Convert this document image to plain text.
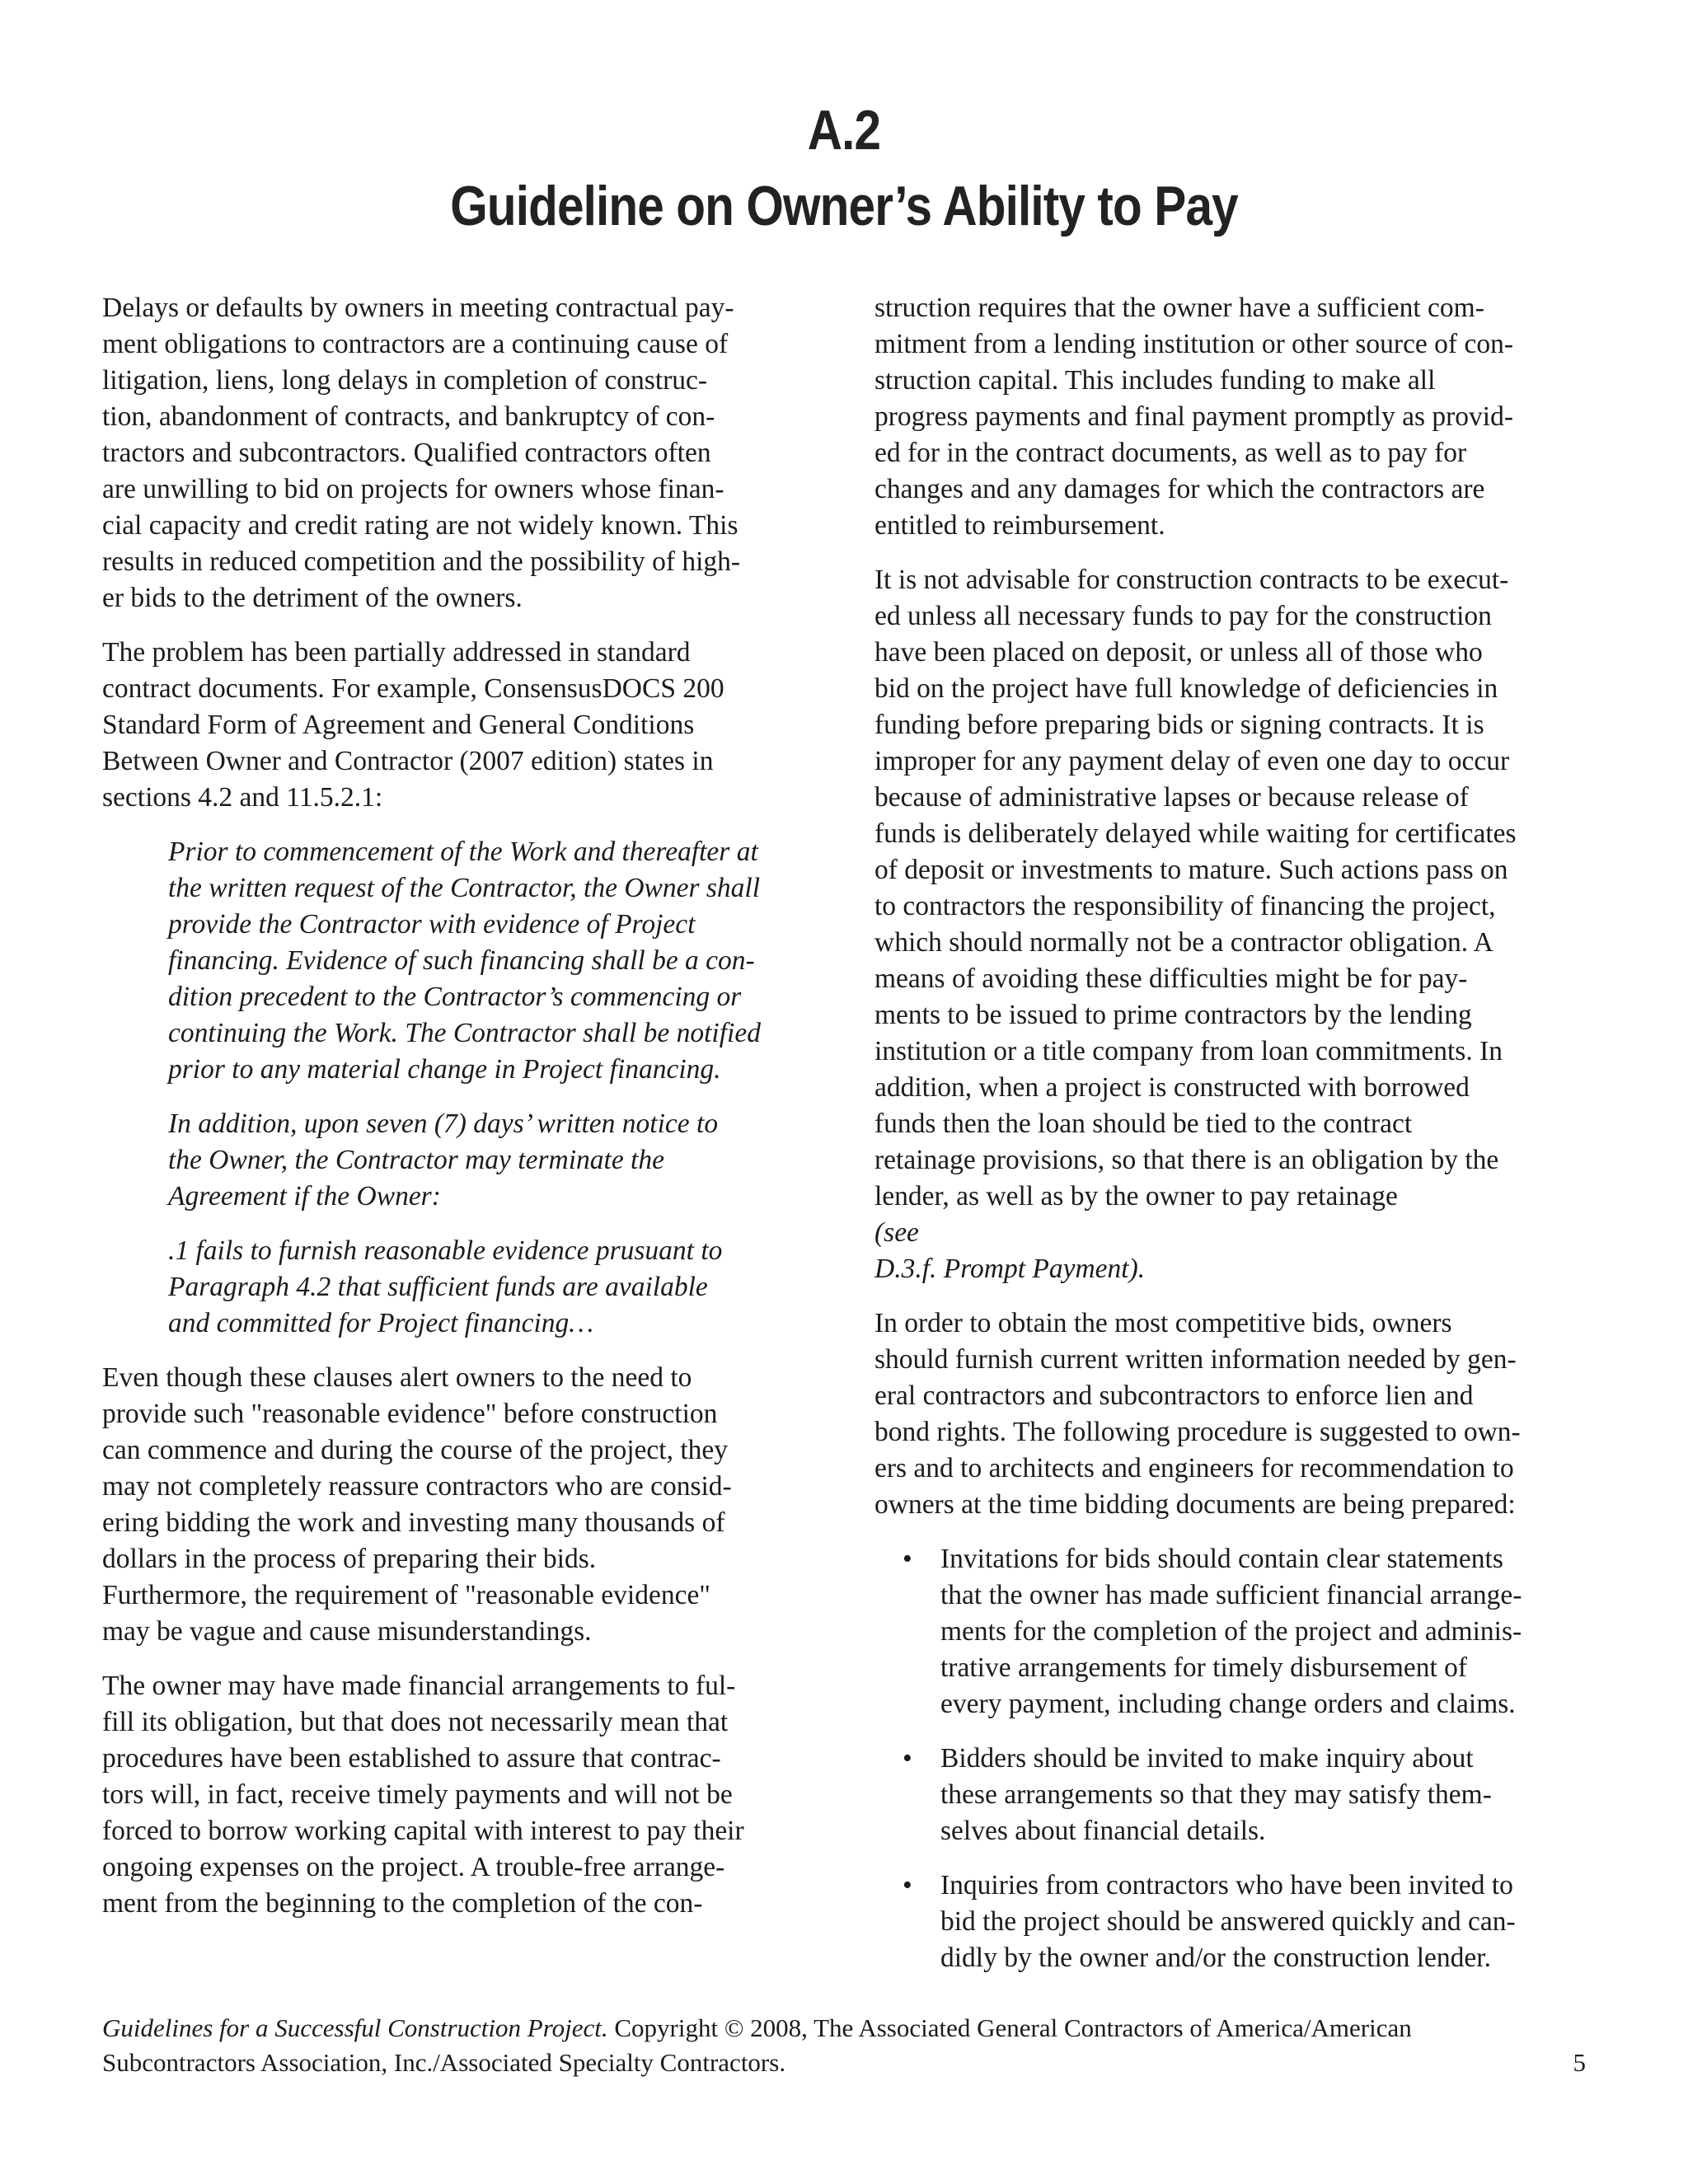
A.2
Guideline on Owner’s Ability to Pay
Delays or defaults by owners in meeting contractual pay-
ment obligations to contractors are a continuing cause of
litigation, liens, long delays in completion of construc-
tion, abandonment of contracts, and bankruptcy of con-
tractors and subcontractors. Qualified contractors often
are unwilling to bid on projects for owners whose finan-
cial capacity and credit rating are not widely known. This
results in reduced competition and the possibility of high-
er bids to the detriment of the owners.
The problem has been partially addressed in standard
contract documents. For example, ConsensusDOCS 200
Standard Form of Agreement and General Conditions
Between Owner and Contractor (2007 edition) states in
sections 4.2 and 11.5.2.1:
Prior to commencement of the Work and thereafter at
the written request of the Contractor, the Owner shall
provide the Contractor with evidence of Project
financing. Evidence of such financing shall be a con-
dition precedent to the Contractor’s commencing or
continuing the Work. The Contractor shall be notified
prior to any material change in Project financing.
In addition, upon seven (7) days’ written notice to
the Owner, the Contractor may terminate the
Agreement if the Owner:
.1 fails to furnish reasonable evidence prusuant to
Paragraph 4.2 that sufficient funds are available
and committed for Project financing…
Even though these clauses alert owners to the need to
provide such "reasonable evidence" before construction
can commence and during the course of the project, they
may not completely reassure contractors who are consid-
ering bidding the work and investing many thousands of
dollars in the process of preparing their bids.
Furthermore, the requirement of "reasonable evidence"
may be vague and cause misunderstandings.
The owner may have made financial arrangements to ful-
fill its obligation, but that does not necessarily mean that
procedures have been established to assure that contrac-
tors will, in fact, receive timely payments and will not be
forced to borrow working capital with interest to pay their
ongoing expenses on the project. A trouble-free arrange-
ment from the beginning to the completion of the con-
struction requires that the owner have a sufficient com-
mitment from a lending institution or other source of con-
struction capital. This includes funding to make all
progress payments and final payment promptly as provid-
ed for in the contract documents, as well as to pay for
changes and any damages for which the contractors are
entitled to reimbursement.
It is not advisable for construction contracts to be execut-
ed unless all necessary funds to pay for the construction
have been placed on deposit, or unless all of those who
bid on the project have full knowledge of deficiencies in
funding before preparing bids or signing contracts. It is
improper for any payment delay of even one day to occur
because of administrative lapses or because release of
funds is deliberately delayed while waiting for certificates
of deposit or investments to mature. Such actions pass on
to contractors the responsibility of financing the project,
which should normally not be a contractor obligation. A
means of avoiding these difficulties might be for pay-
ments to be issued to prime contractors by the lending
institution or a title company from loan commitments. In
addition, when a project is constructed with borrowed
funds then the loan should be tied to the contract
retainage provisions, so that there is an obligation by the
lender, as well as by the owner to pay retainage
(see
D.3.f. Prompt Payment).
In order to obtain the most competitive bids, owners
should furnish current written information needed by gen-
eral contractors and subcontractors to enforce lien and
bond rights. The following procedure is suggested to own-
ers and to architects and engineers for recommendation to
owners at the time bidding documents are being prepared:
• Invitations for bids should contain clear statements
that the owner has made sufficient financial arrange-
ments for the completion of the project and adminis-
trative arrangements for timely disbursement of
every payment, including change orders and claims.
• Bidders should be invited to make inquiry about
these arrangements so that they may satisfy them-
selves about financial details.
• Inquiries from contractors who have been invited to
bid the project should be answered quickly and can-
didly by the owner and/or the construction lender.
Guidelines for a Successful Construction Project. Copyright © 2008, The Associated General Contractors of America/American
Subcontractors Association, Inc./Associated Specialty Contractors.	5
